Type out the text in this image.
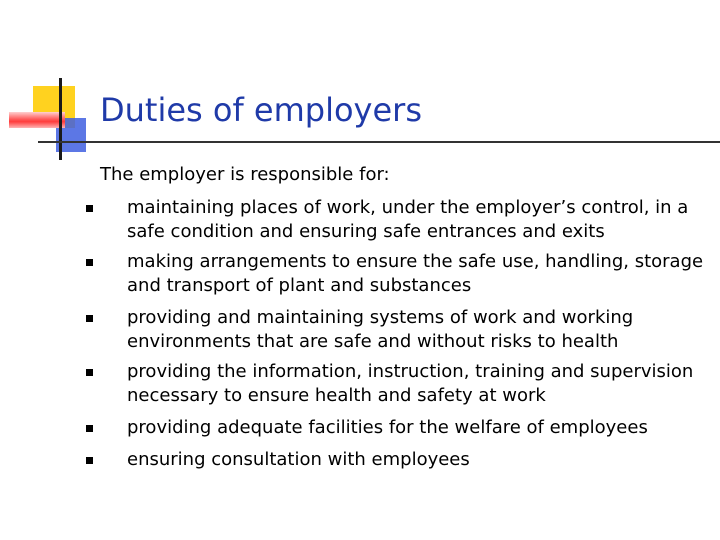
Duties of employers
The employer is responsible for:
maintaining places of work, under the employer’s control, in a
safe condition and ensuring safe entrances and exits
making arrangements to ensure the safe use, handling, storage
and transport of plant and substances
providing and maintaining systems of work and working
environments that are safe and without risks to health
providing the information, instruction, training and supervision
necessary to ensure health and safety at work
providing adequate facilities for the welfare of employees
ensuring consultation with employees
